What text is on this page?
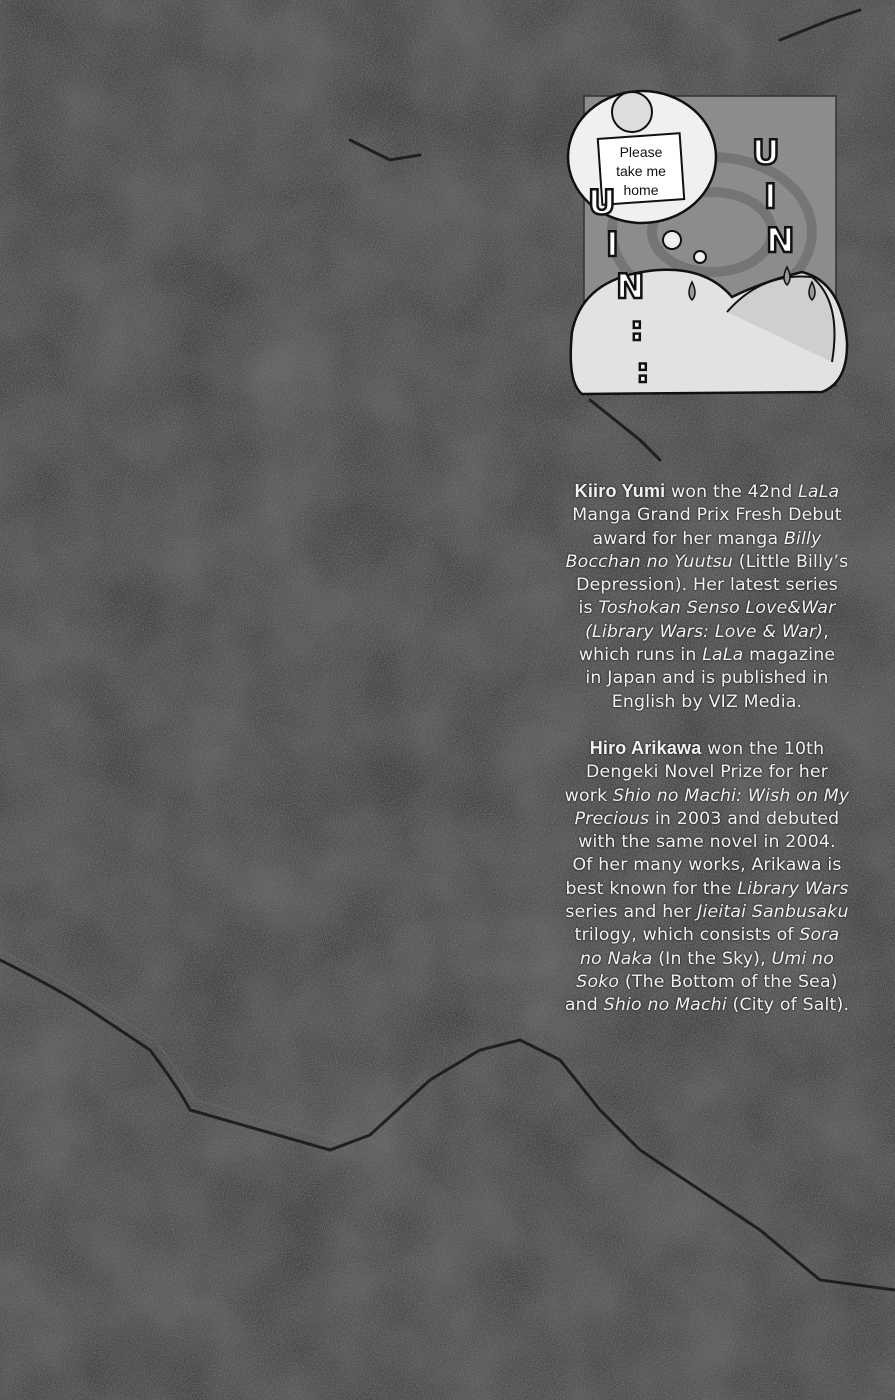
Please
take me
home
U
I
N
U
I
N
:
:
Kiiro Yumi won the 42nd LaLa
Manga Grand Prix Fresh Debut
award for her manga Billy
Bocchan no Yuutsu (Little Billy’s
Depression). Her latest series
is Toshokan Senso Love&War
(Library Wars: Love & War),
which runs in LaLa magazine
in Japan and is published in
English by VIZ Media.
Hiro Arikawa won the 10th
Dengeki Novel Prize for her
work Shio no Machi: Wish on My
Precious in 2003 and debuted
with the same novel in 2004.
Of her many works, Arikawa is
best known for the Library Wars
series and her Jieitai Sanbusaku
trilogy, which consists of Sora
no Naka (In the Sky), Umi no
Soko (The Bottom of the Sea)
and Shio no Machi (City of Salt).
